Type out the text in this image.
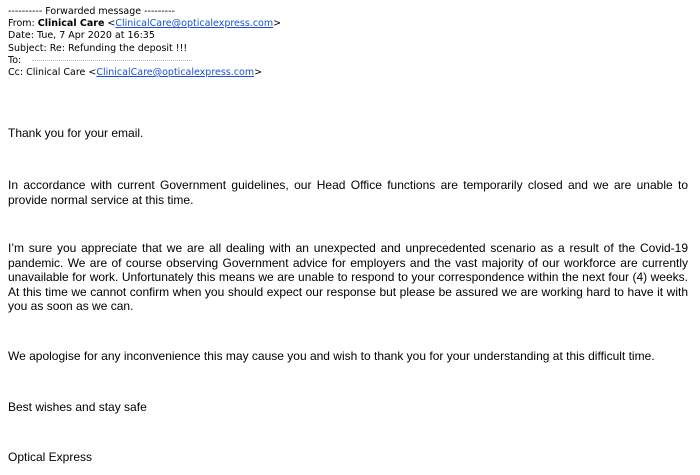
---------- Forwarded message ---------
From: Clinical Care <ClinicalCare@opticalexpress.com>
Date: Tue, 7 Apr 2020 at 16:35
Subject: Re: Refunding the deposit !!!
To:
Cc: Clinical Care <ClinicalCare@opticalexpress.com>
Thank you for your email.
In accordance with current Government guidelines, our Head Office functions are temporarily closed and we are unable to provide normal service at this time.
I’m sure you appreciate that we are all dealing with an unexpected and unprecedented scenario as a result of the Covid-19 pandemic. We are of course observing Government advice for employers and the vast majority of our workforce are currently unavailable for work. Unfortunately this means we are unable to respond to your correspondence within the next four (4) weeks. At this time we cannot confirm when you should expect our response but please be assured we are working hard to have it with you as soon as we can.
We apologise for any inconvenience this may cause you and wish to thank you for your understanding at this difficult time.
Best wishes and stay safe
Optical Express
